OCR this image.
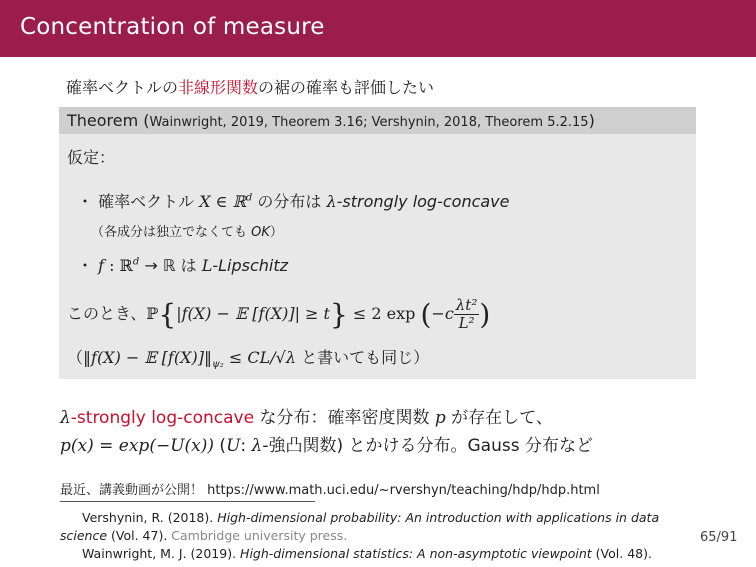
Concentration of measure
確率ベクトルの非線形関数の裾の確率も評価したい
Theorem (Wainwright, 2019, Theorem 3.16; Vershynin, 2018, Theorem 5.2.15)
仮定：
・ 確率ベクトル X ∈ ℝ$^d$ の分布は λ-strongly log-concave
（各成分は独立でなくても OK）
・ f : ℝ$^d$ → ℝ は L-Lipschitz
このとき、ℙ{|f(X) − 𝔼 [f(X)]| ≥ t} ≤ 2 $\exp (-c \frac{\text{λt²}}{\text{L²}}$ )
（‖f(X) − 𝔼 $[f(X)]‖_{\psi_2} \le CL/√\lambda$ と書いても同じ）
λ-strongly log-concave な分布：確率密度関数 p が存在して、
p(x) = exp(−U(x)) (U: λ-強凸関数) とかける分布。Gauss 分布など
最近、講義動画が公開！ https://www.math.uci.edu/~rvershyn/teaching/hdp/hdp.html
Vershynin, R. (2018). High-dimensional probability: An introduction with applications in data
science (Vol. 47). Cambridge university press.
Wainwright, M. J. (2019). High-dimensional statistics: A non-asymptotic viewpoint (Vol. 48).
65/91
